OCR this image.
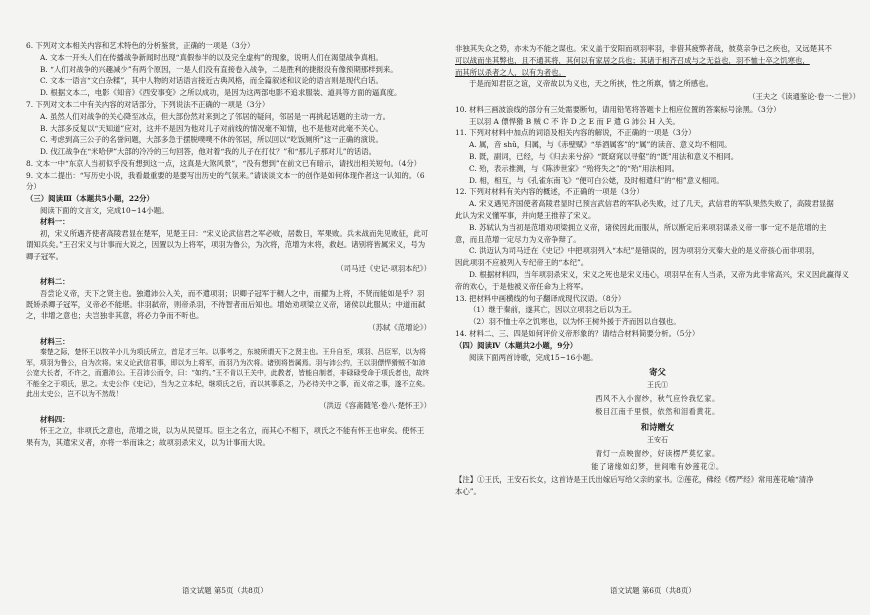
6. 下列对文本相关内容和艺术特色的分析鉴赏，正确的一项是（3分）

A. 文本一开头人们在传播战争新闻时出现“真假参半的以及完全虚构”的现象，说明人们在渴望战争真相。

B. “人们对战争的兴趣减少”有两个原因，一是人们没有直接卷入战争，二是胜利的捷报没有像预期那样到来。

C. 文本一语言“文白杂糅”，其中人物的对话语言接近古典风格，而全篇叙述和议论的语言则是现代白话。

D. 根据文本二，电影《知音》《西安事变》之所以成功，是因为这两部电影不追求服装、道具等方面的逼真度。

7. 下列对文本二中有关内容的对话部分，下列说法不正确的一项是（3分）

A. 虽然人们对战争的关心降至冰点，但大部份然对来到之了邻居的疑问，邻居是一再挑起话题的主动一方。

B. 大部多反复以“天知道”应对，这并不是因为他对儿子对前线的情况毫不知情，也不是他对此毫不关心。

C. 考虑到高三公子的名誉问题，大部多急于摆脱噗噗不休的邻居，所以回以“吃饭厕所”这一正确的演说。

D. 伐江战争在“米哈伊”大部的冷冷的三句回答，他对着“我的儿子在打仗？”和“那儿子那对儿”的话语。

8. 文本一中“东京人当初似乎没有想到这一点，这真是大煞风景”，“没有想到”在前文已有暗示，请找出相关短句。（4分）

9. 文本二提出：“写历史小说，我看最重要的是要写出历史的气氛来。”请谈谈文本一的创作是如何体现作者这一认知的。（6分）

（三）阅读Ⅲ（本题共5小题，22分）

阅读下面的文言文，完成10~14小题。

材料一：

初，宋义所遇齐使者高陵君显在楚军，见楚王曰：“宋义论武信君之军必败，居数日，军果败。兵未战而先见败征，此可谓知兵矣。”王召宋义与计事而大说之，因置以为上将军，项羽为鲁公，为次将，范增为末将，救赵。诸别将皆属宋义，号为卿子冠军。

（司马迁《史记·项羽本纪》）

材料二：

吾尝论义帝，天下之贤主也。独遣沛公入关，而不遣项羽；识卿子冠军于稠人之中，而擢为上将，不贤而能如是乎？羽既矫杀卿子冠军，义帝必不能堪。非羽弑帝，则帝杀羽，不待智者而后知也。增始劝项梁立义帝，诸侯以此服从；中道而弑之，非增之意也；夫岂独非其意，将必力争而不听也。

（苏轼《范增论》）

材料三：

秦楚之际，楚怀王以牧羊小儿为项氏所立，首足才三年。以事考之，东坡所谓天下之贤主也。王升自至，项羽、吕臣军，以为将军，项羽为鲁公，自为次将。宋义论武信君事，即以为上将军，而羽乃为次将。诸别将皆属焉。羽与沛公约，王以羽僄悍猾贼不如沛公宽大长者，不许之，而遣沛公。王召沛公而令，曰：“如约。”王不肯以王关中，此教者，皆能自制者，非碌碌受命于项氏者也，故终不能全之于项氏，思之。太史公作《史记》，当为之立本纪，继项氏之后，而以其事系之，乃必待关中之事，而义帝之事，遂不立矣。此出太史公，岂不以为不然哉！

（洪迈《容斋随笔·卷八·楚怀王》）

材料四：

怀王之立，非项氏之意也，范增之说，以为从民望耳。臣主之名立，而其心不相下，项氏之不能有怀王也审矣。使怀王果有为，其遣宋义者，亦将一举而诛之；故项羽杀宋义，以为计事而大说。

语文试题 第5页（共8页）

非独其失众之势，亦未为不能之谋也。宋义盖于安阳而项羽率羽，非借其疲弊者哉，彼莫亲争已之疾也，又远楚其不

可以战而坐其弊也，且不通其将，其何以有家居之兵也；其诸于相齐召成与之无益也，羽不恤士卒之饥寒也，

而其所以杀者之人，以有为者也。

于是而知君臣之谊，义帝故以为义也，天之所挟，性之所禀，情之所感也。

（王夫之《读通鉴论·卷一·二世》）

10. 材料三画波浪线的部分有三处需要断句，请用铅笔将答题卡上相应位置的答案标号涂黑。（3分）

王以羽 A 僄悍猾 B 贼 C 不 许 D 之 E 而 F 遣 G 沛公 H 入关。

11. 下列对材料中加点的词语及相关内容的解说，不正确的一项是（3分）

A. 属，音 shǔ，归属，与《赤壁赋》“举酒属客”的“属”的读音、意义均不相同。

B. 既，副词，已经，与《归去来兮辞》“既窈窕以寻壑”的“既”用法和意义不相同。

C. 殆，表示推测，与《陈涉世家》“殆将失之”的“殆”用法相同。

D. 相，相互，与《孔雀东南飞》“便可白公姥，及时相遣归”的“相”意义相同。

12. 下列对材料有关内容的概述，不正确的一项是（3分）

A. 宋义遇见齐国使者高陵君显时已预言武信君的军队必失败，过了几天，武信君的军队果然失败了，高陵君显据

此认为宋义懂军事，并向楚王推荐了宋义。

B. 苏轼认为当初是范增劝项梁拥立义帝，诸侯因此而服从，所以断定后来项羽谋杀义帝一事一定不是范增的主

意，而且范增一定尽力为义帝争辩了。

C. 洪迈认为司马迁在《史记》中把项羽列入“本纪”是错误的，因为项羽分灭秦大业的是义帝孩心而非项羽，

因此项羽不应被列入专纪帝王的“本纪”。

D. 根据材料四，当年项羽杀宋义，宋义之死也是宋义违心，项羽早在有人当杀，又帝为此非常高兴，宋义因此赢得义

帝的欢心，于是他被义帝任命为上将军。

13. 把材料中画横线的句子翻译成现代汉语。（8分）

（1）继于秦前，遂其亡，因以立项羽之后以为王。

（2）羽不恤士卒之饥寒也，以为怀王树外援于齐而因以自强也。

14. 材料二、三、四是如何评价义帝形象的？请结合材料简要分析。（5分）

（四）阅读Ⅳ（本题共2小题，9分）

阅读下面两首诗歌，完成15~16小题。

寄父
王氏①
西风不入小窗纱，秋气应怜我忆家。
极目江南千里恨，依然和泪看黄花。
和诗赠女
王安石
青灯一点映窗纱，好读楞严莫忆家。
能了诸缘如幻梦，世间唯有妙莲花②。

【注】①王氏，王安石长女，这首诗是王氏出嫁后写给父亲的家书。②莲花，佛经《楞严经》常用莲花喻“清净

本心”。

语文试题 第6页（共8页）
